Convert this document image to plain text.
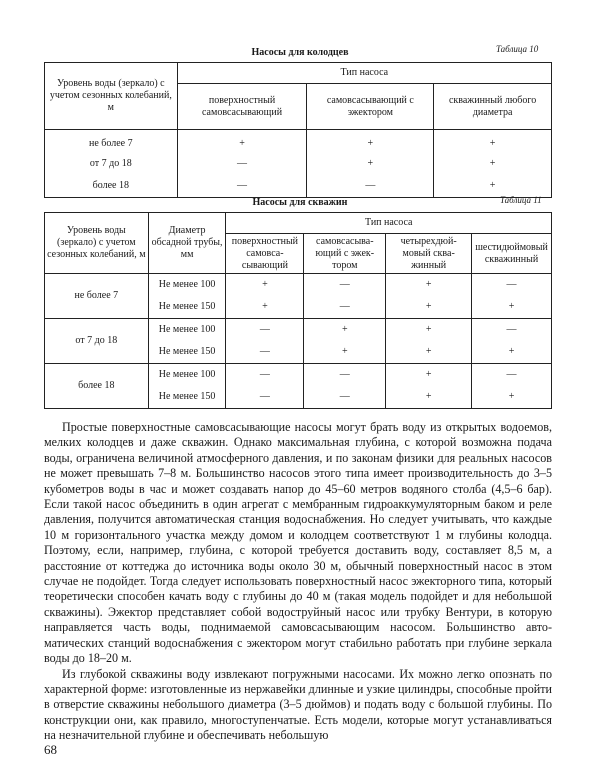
Таблица 10
Насосы для колодцев
Уровень воды (зеркало) с учетом сезонных колебаний, м	Тип насоса		
	поверхностный самовсасывающий	самовсасывающий с эжектором	скважинный любого диаметра
не более 7	+	+	+
от 7 до 18	—	+	+
более 18	—	—	+
Таблица 11
Насосы для скважин
Уровень воды (зеркало) с учетом сезонных колебаний, м	Диаметр обсадной трубы, мм	Тип насоса			
		поверхностный самовсасывающий	самовсасывающий с эжектором	четырехдюймовый скважинный	шестидюймовый скважинный
не более 7	Не менее 100	+	—	+	—
	Не менее 150	+	—	+	+
от 7 до 18	Не менее 100	—	+	+	—
	Не менее 150	—	+	+	+
более 18	Не менее 100	—	—	+	—
	Не менее 150	—	—	+	+

Простые поверхностные самовсасывающие насосы могут брать воду из открытых водоемов, мелких колодцев и даже скважин. Однако максимальная глубина, с которой возможна подача воды, ограничена величиной атмосферного давления, и по законам физики для реальных насосов не может превышать 7–8 м. Большинство насосов этого типа имеет производительность до 3–5 кубометров воды в час и может создавать напор до 45–60 метров водяного столба (4,5–6 бар). Если такой насос объединить в один агрегат с мембранным гидроаккумуляторным баком и реле давления, получится автоматическая станция водоснабжения. Но следует учитывать, что каждые 10 м горизонтального участка между домом и колодцем соответствуют 1 м глубины колодца. Поэтому, если, например, глубина, с которой требуется доставить воду, составляет 8,5 м, а расстояние от коттеджа до источника воды около 30 м, обычный поверхностный насос в этом случае не подойдет. Тогда следует использовать поверхностный насос эжекторного типа, который теоретически способен качать воду с глубины до 40 м (такая модель подойдет и для небольшой скважины). Эжектор представляет собой водоструйный насос или трубку Вентури, в которую направляется часть воды, поднимаемой самовсасывающим насосом. Большинство автоматических станций водоснабжения с эжектором могут стабильно работать при глубине зеркала воды до 18–20 м.

Из глубокой скважины воду извлекают погружными насосами. Их можно легко опознать по характерной форме: изготовленные из нержавейки длинные и узкие цилиндры, способные пройти в отверстие скважины небольшого диаметра (3–5 дюймов) и подать воду с большой глубины. По конструкции они, как правило, многоступенчатые. Есть модели, которые могут устанавливаться на незначительной глубине и обеспечивать небольшую

68
